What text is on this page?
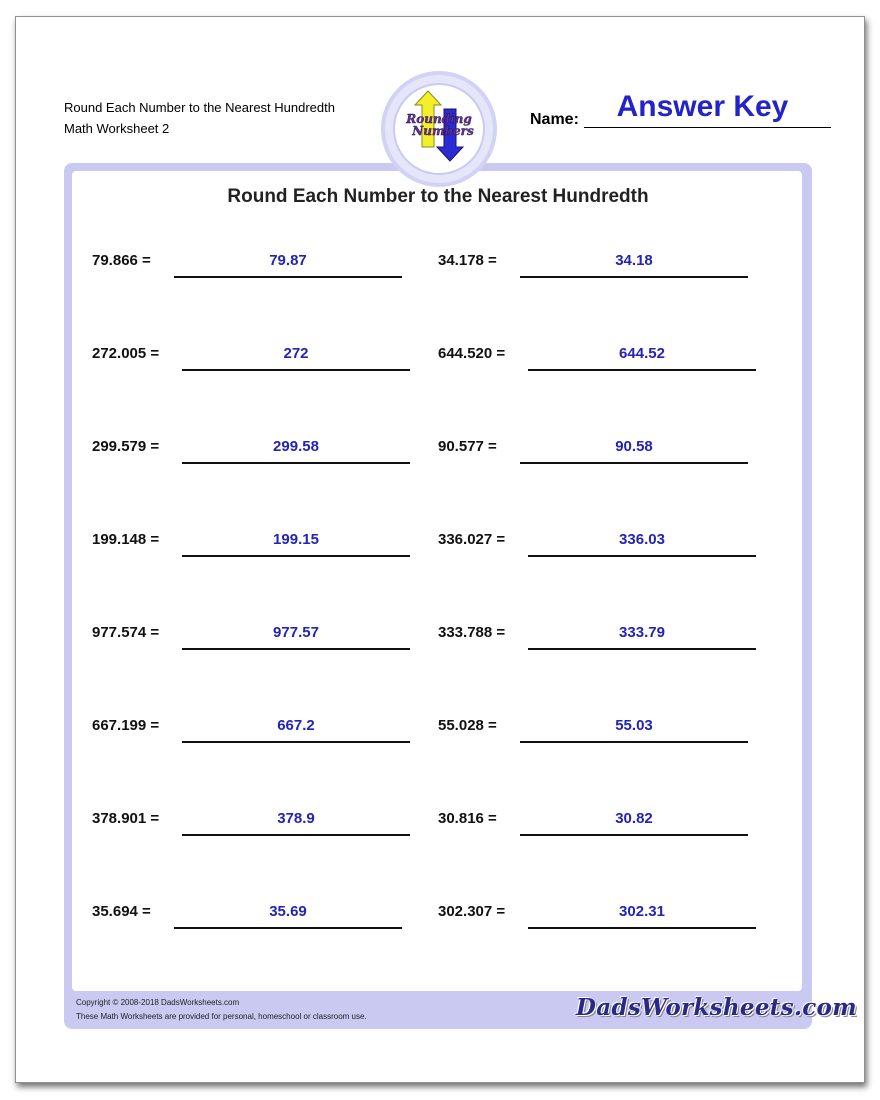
Round Each Number to the Nearest Hundredth
Math Worksheet 2
Rounding
Numbers
Name:	Answer Key
Round Each Number to the Nearest Hundredth
79.866 =	79.87	34.178 =	34.18
272.005 =	272	644.520 =	644.52
299.579 =	299.58	90.577 =	90.58
199.148 =	199.15	336.027 =	336.03
977.574 =	977.57	333.788 =	333.79
667.199 =	667.2	55.028 =	55.03
378.901 =	378.9	30.816 =	30.82
35.694 =	35.69	302.307 =	302.31
Copyright © 2008-2018 DadsWorksheets.com
These Math Worksheets are provided for personal, homeschool or classroom use.	DadsWorksheets.com
